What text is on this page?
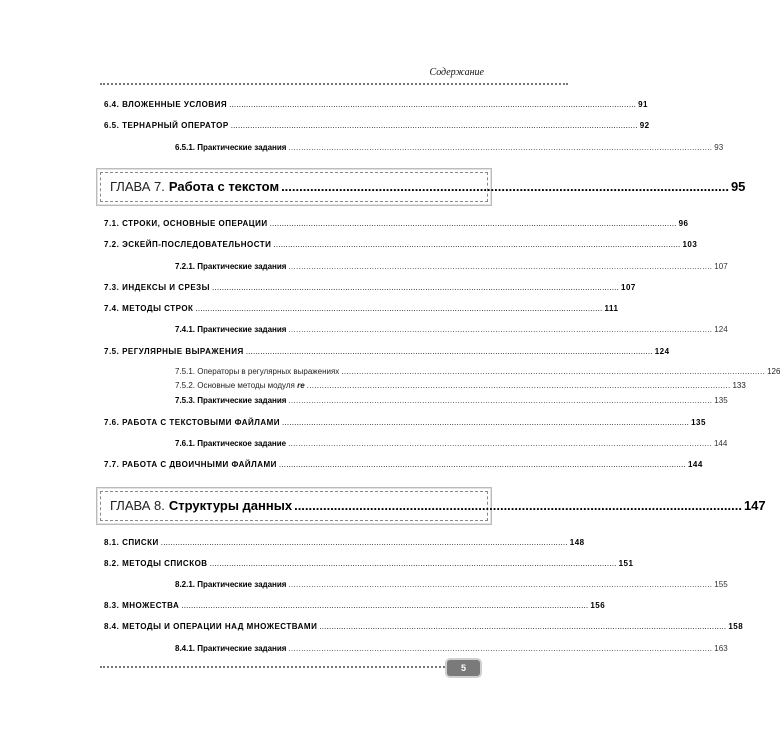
Содержание
6.4. ВЛОЖЕННЫЕ УСЛОВИЯ ........................................................................................................................................................................ 91
6.5. ТЕРНАРНЫЙ ОПЕРАТОР ........................................................................................................................................................................ 92
6.5.1. Практические задания ........................................................................................................................................................................ 93
ГЛАВА 7. Работа с текстом ............................................................................................................................ 95
7.1. СТРОКИ, ОСНОВНЫЕ ОПЕРАЦИИ ........................................................................................................................................................................ 96
7.2. ЭСКЕЙП-ПОСЛЕДОВАТЕЛЬНОСТИ ........................................................................................................................................................................ 103
7.2.1. Практические задания ........................................................................................................................................................................ 107
7.3. ИНДЕКСЫ И СРЕЗЫ ........................................................................................................................................................................ 107
7.4. МЕТОДЫ СТРОК ........................................................................................................................................................................ 111
7.4.1. Практические задания ........................................................................................................................................................................ 124
7.5. РЕГУЛЯРНЫЕ ВЫРАЖЕНИЯ ........................................................................................................................................................................ 124
7.5.1. Операторы в регулярных выражениях ........................................................................................................................................................................ 126
7.5.2. Основные методы модуля re ........................................................................................................................................................................ 133
7.5.3. Практические задания ........................................................................................................................................................................ 135
7.6. РАБОТА С ТЕКСТОВЫМИ ФАЙЛАМИ ........................................................................................................................................................................ 135
7.6.1. Практическое задание ........................................................................................................................................................................ 144
7.7. РАБОТА С ДВОИЧНЫМИ ФАЙЛАМИ ........................................................................................................................................................................ 144
ГЛАВА 8. Структуры данных ............................................................................................................................ 147
8.1. СПИСКИ ........................................................................................................................................................................ 148
8.2. МЕТОДЫ СПИСКОВ ........................................................................................................................................................................ 151
8.2.1. Практические задания ........................................................................................................................................................................ 155
8.3. МНОЖЕСТВА ........................................................................................................................................................................ 156
8.4. МЕТОДЫ И ОПЕРАЦИИ НАД МНОЖЕСТВАМИ ........................................................................................................................................................................ 158
8.4.1. Практические задания ........................................................................................................................................................................ 163
5
